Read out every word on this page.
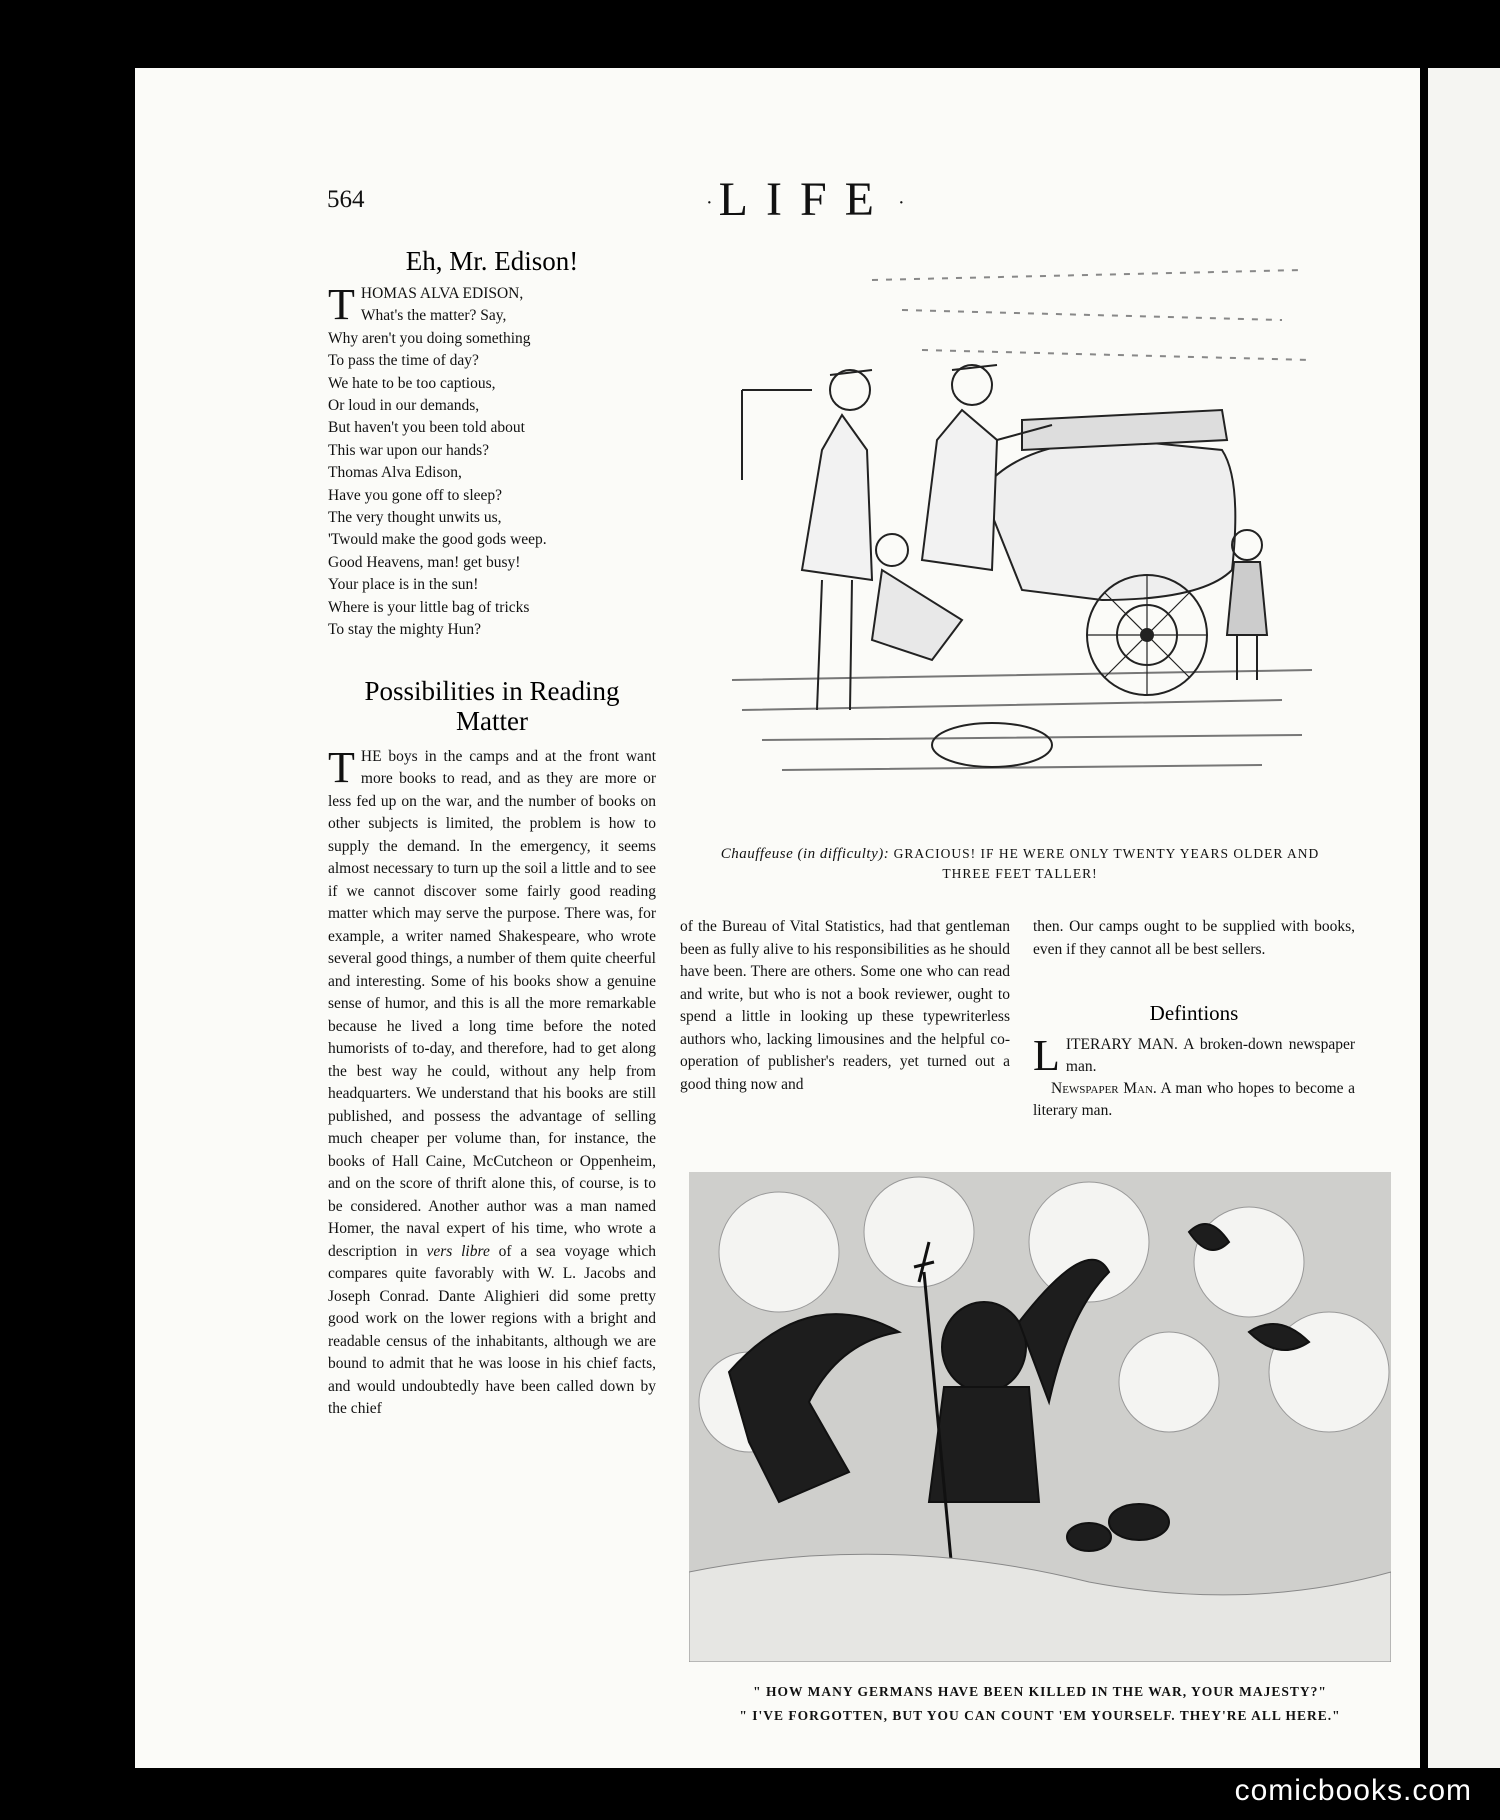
564	· LIFE ·
Eh, Mr. Edison!
T HOMAS ALVA EDISON,
What's the matter? Say,
Why aren't you doing something
To pass the time of day?
We hate to be too captious,
Or loud in our demands,
But haven't you been told about
This war upon our hands?
Thomas Alva Edison,
Have you gone off to sleep?
The very thought unwits us,
'Twould make the good gods weep.
Good Heavens, man! get busy!
Your place is in the sun!
Where is your little bag of tricks
To stay the mighty Hun?
Possibilities in Reading Matter

THE boys in the camps and at the front want more books to read, and as they are more or less fed up on the war, and the number of books on other subjects is limited, the problem is how to supply the demand. In the emergency, it seems almost necessary to turn up the soil a little and to see if we cannot discover some fairly good reading matter which may serve the purpose. There was, for example, a writer named Shakespeare, who wrote several good things, a number of them quite cheerful and interesting. Some of his books show a genuine sense of humor, and this is all the more remarkable because he lived a long time before the noted humorists of to-day, and therefore, had to get along the best way he could, without any help from headquarters. We understand that his books are still published, and possess the advantage of selling much cheaper per volume than, for instance, the books of Hall Caine, McCutcheon or Oppenheim, and on the score of thrift alone this, of course, is to be considered. Another author was a man named Homer, the naval expert of his time, who wrote a description in vers libre of a sea voyage which compares quite favorably with W. L. Jacobs and Joseph Conrad. Dante Alighieri did some pretty good work on the lower regions with a bright and readable census of the inhabitants, although we are bound to admit that he was loose in his chief facts, and would undoubtedly have been called down by the chief

Chauffeuse (in difficulty): GRACIOUS! IF HE WERE ONLY TWENTY YEARS OLDER AND THREE FEET TALLER!

of the Bureau of Vital Statistics, had that gentleman been as fully alive to his responsibilities as he should have been. There are others. Some one who can read and write, but who is not a book reviewer, ought to spend a little in looking up these typewriterless authors who, lacking limousines and the helpful co-operation of publisher's readers, yet turned out a good thing now and

then. Our camps ought to be supplied with books, even if they cannot all be best sellers.

Defintions

LITERARY MAN. A broken-down newspaper man.

Newspaper Man. A man who hopes to become a literary man.

" HOW MANY GERMANS HAVE BEEN KILLED IN THE WAR, YOUR MAJESTY?"
" I'VE FORGOTTEN, BUT YOU CAN COUNT 'EM YOURSELF. THEY'RE ALL HERE."
comicbooks.com
